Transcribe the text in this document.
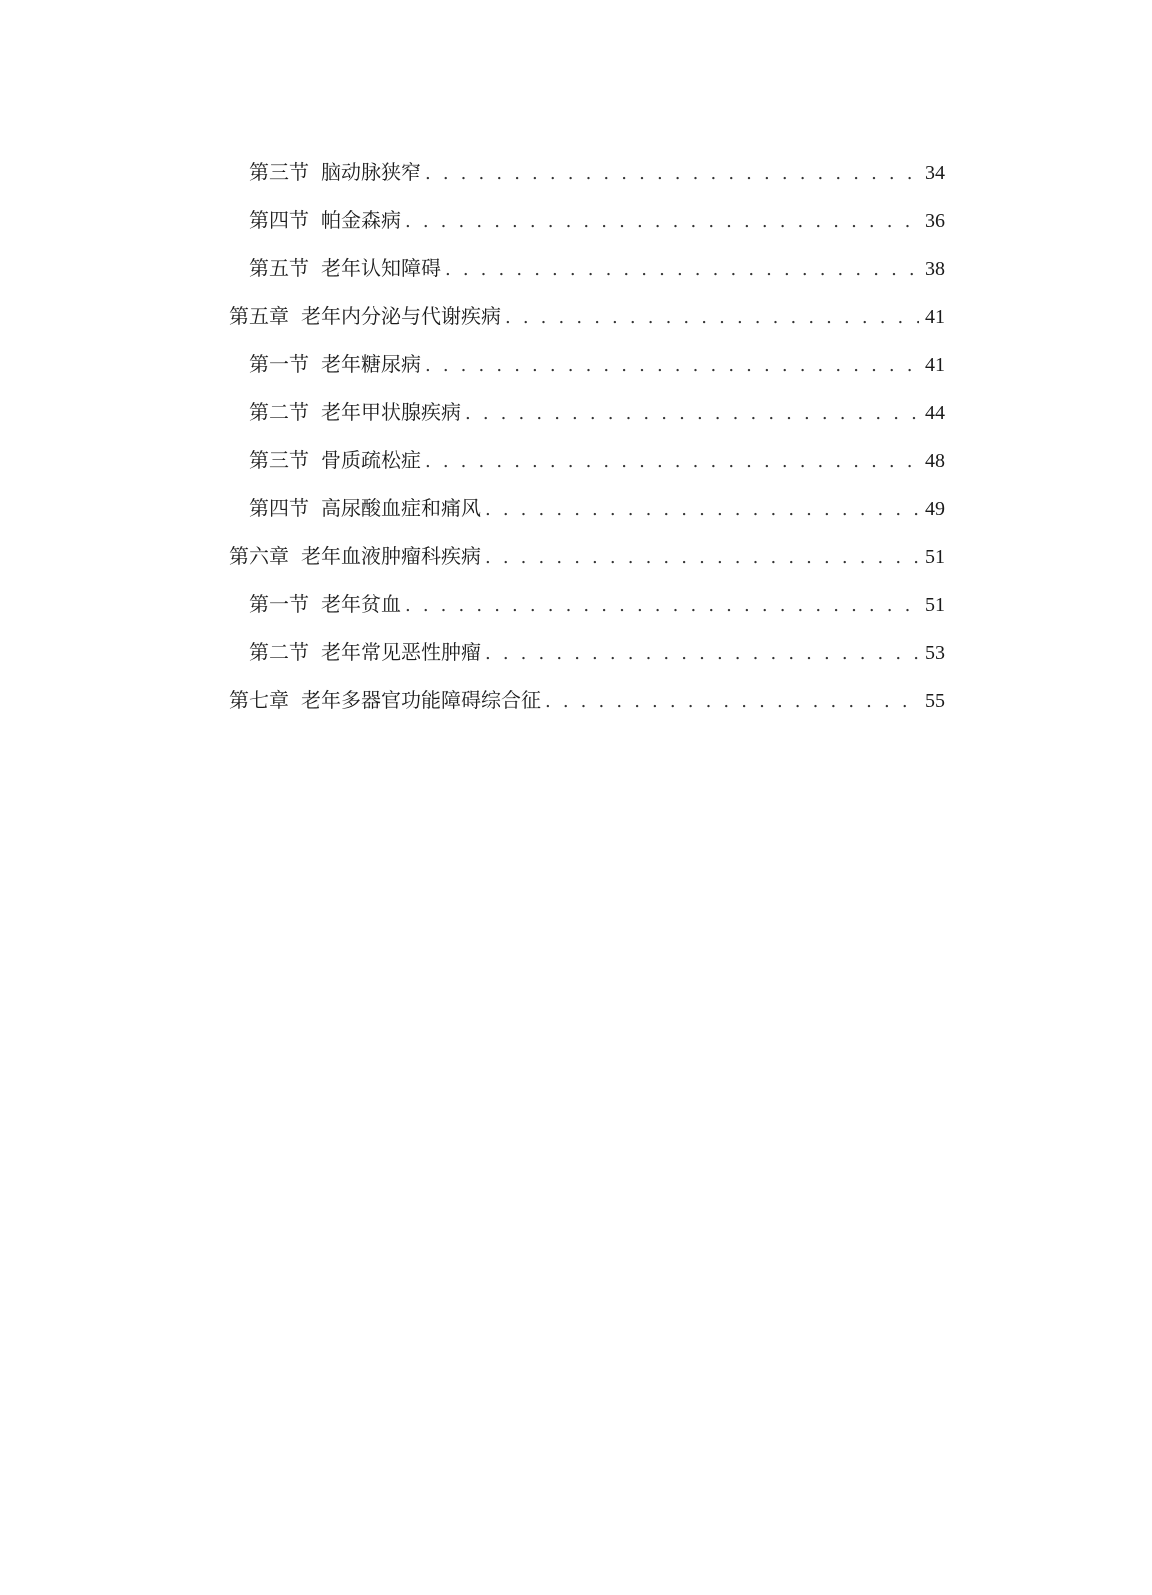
第三节 脑动脉狭窄 . . .	34
第四节 帕金森病 . . .	36
第五节 老年认知障碍 . . .	38
第五章 老年内分泌与代谢疾病 . . .	41
第一节 老年糖尿病 . . .	41
第二节 老年甲状腺疾病 . . .	44
第三节 骨质疏松症 . . .	48
第四节 高尿酸血症和痛风 . . .	49
第六章 老年血液肿瘤科疾病 . . .	51
第一节 老年贫血 . . .	51
第二节 老年常见恶性肿瘤 . . .	53
第七章 老年多器官功能障碍综合征 . . .	55
